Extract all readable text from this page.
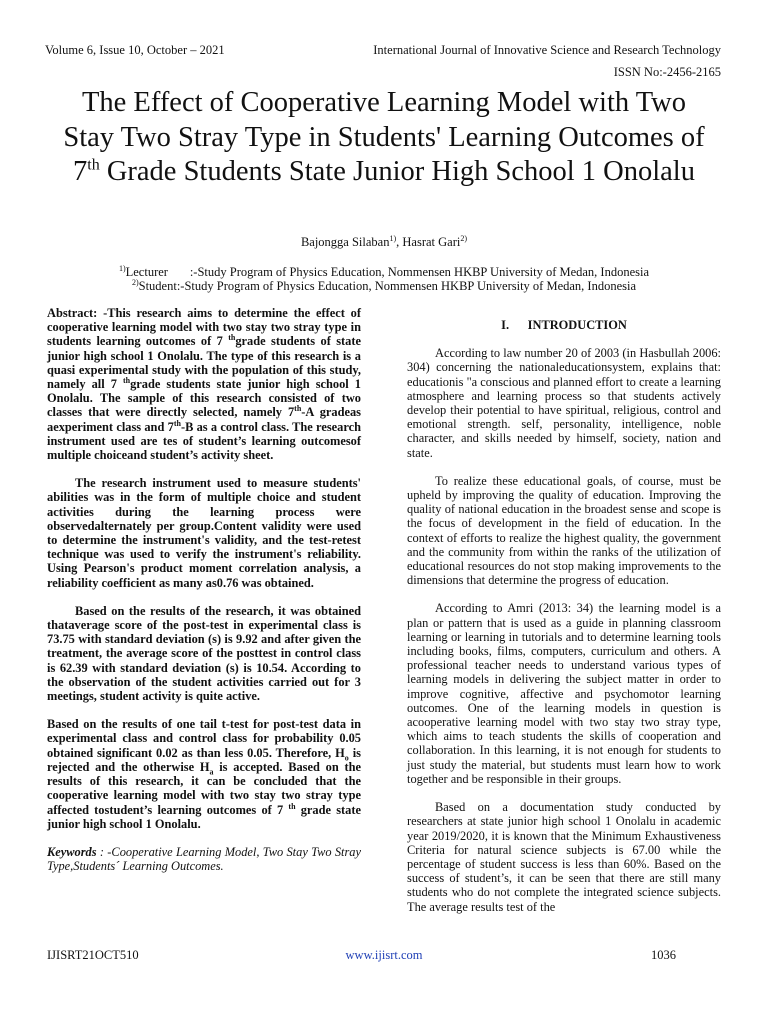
Volume 6, Issue 10, October – 2021	International Journal of Innovative Science and Research Technology
ISSN No:-2456-2165
The Effect of Cooperative Learning Model with Two Stay Two Stray Type in Students' Learning Outcomes of 7th Grade Students State Junior High School 1 Onolalu
Bajongga Silaban$^{1)}$, Hasrat Gari$^{2)}$
$^{1)}$Lecturer       :-Study Program of Physics Education, Nommensen HKBP University of Medan, Indonesia
$^{2)}$Student:-Study Program of Physics Education, Nommensen HKBP University of Medan, Indonesia

Abstract: -This research aims to determine the effect of cooperative learning model with two stay two stray type in students learning outcomes of 7 $^{th}$grade students of state junior high school 1 Onolalu. The type of this research is a quasi experimental study with the population of this study, namely all 7 $^{th}$grade students state junior high school 1 Onolalu. The sample of this research consisted of two classes that were directly selected, namely 7th-A gradeas aexperiment class and 7th-B as a control class. The research instrument used are tes of student’s learning outcomesof multiple choiceand student’s activity sheet.

The research instrument used to measure students' abilities was in the form of multiple choice and student activities during the learning process were observedalternately per group.Content validity were used to determine the instrument's validity, and the test-retest technique was used to verify the instrument's reliability. Using Pearson's product moment correlation analysis, a reliability coefficient as many as0.76 was obtained.

Based on the results of the research, it was obtained thataverage score of the post-test in experimental class is 73.75 with standard deviation (s) is 9.92 and after given the treatment, the average score of the posttest in control class is 62.39 with standard deviation (s) is 10.54. According to the observation of the student activities carried out for 3 meetings, student activity is quite active.

Based on the results of one tail t-test for post-test data in experimental class and control class for probability 0.05 obtained significant 0.02 as than less 0.05. Therefore, $H_o$ is rejected and the otherwise $H_a$ is accepted. Based on the results of this research, it can be concluded that the cooperative learning model with two stay two stray type affected tostudent’s learning outcomes of 7 $^{th}$ grade state junior high school 1 Onolalu.

Keywords : -Cooperative Learning Model, Two Stay Two Stray Type,Students´ Learning Outcomes.

I.      INTRODUCTION

According to law number 20 of 2003 (in Hasbullah 2006: 304) concerning the nationaleducationsystem, explains that: educationis "a conscious and planned effort to create a learning atmosphere and learning process so that students actively develop their potential to have spiritual, religious, control and emotional strength. self, personality, intelligence, noble character, and skills needed by himself, society, nation and state.

To realize these educational goals, of course, must be upheld by improving the quality of education. Improving the quality of national education in the broadest sense and scope is the focus of development in the field of education. In the context of efforts to realize the highest quality, the government and the community from within the ranks of the utilization of educational resources do not stop making improvements to the dimensions that determine the progress of education.

According to Amri (2013: 34) the learning model is a plan or pattern that is used as a guide in planning classroom learning or learning in tutorials and to determine learning tools including books, films, computers, curriculum and others. A professional teacher needs to understand various types of learning models in delivering the subject matter in order to improve cognitive, affective and psychomotor learning outcomes. One of the learning models in question is acooperative learning model with two stay two stray type, which aims to teach students the skills of cooperation and collaboration. In this learning, it is not enough for students to just study the material, but students must learn how to work together and be responsible in their groups.

Based on a documentation study conducted by researchers at state junior high school 1 Onolalu in academic year 2019/2020, it is known that the Minimum Exhaustiveness Criteria for natural science subjects is 67.00 while the percentage of student success is less than 60%. Based on the success of student’s, it can be seen that there are still many students who do not complete the integrated science subjects. The average results test of the

IJISRT21OCT510	www.ijisrt.com	1036
